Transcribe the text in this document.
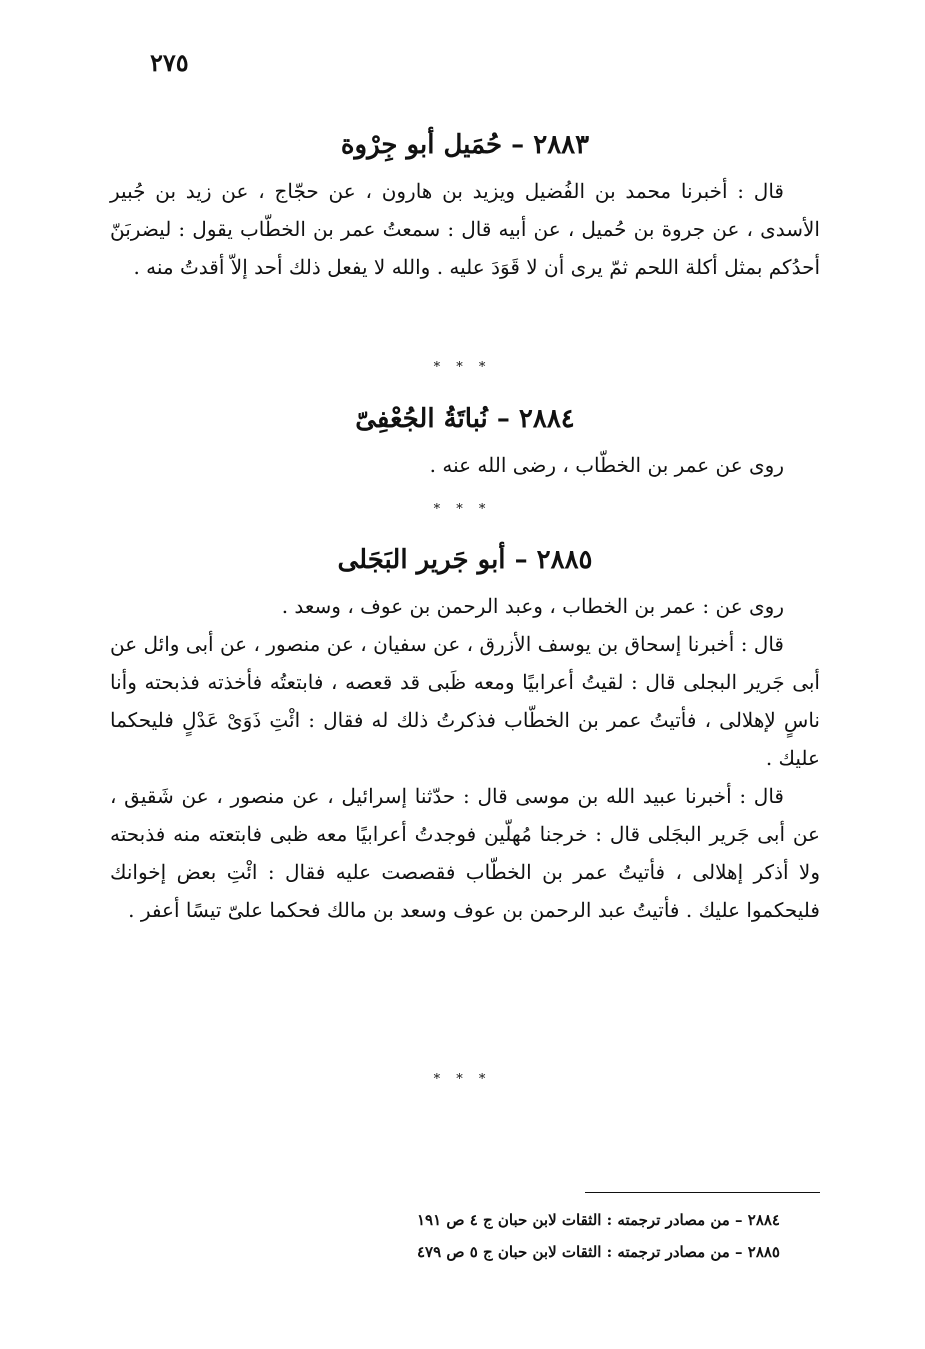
٢٧٥
٢٨٨٣ – حُمَيل أبو جِرْوة
قال : أخبرنا محمد بن الفُضيل ويزيد بن هارون ، عن حجّاج ، عن زيد بن جُبير الأسدى ، عن جروة بن حُميل ، عن أبيه قال : سمعتُ عمر بن الخطّاب يقول : ليضربَنّ أحدُكم بمثل أكلة اللحم ثمّ يرى أن لا قَوَدَ عليه . والله لا يفعل ذلك أحد إلاّ أقدتُ منه .
* * *
٢٨٨٤ – نُباتَةُ الجُعْفِىّ
روى عن عمر بن الخطّاب ، رضى الله عنه .
* * *
٢٨٨٥ – أبو جَرير البَجَلى
روى عن : عمر بن الخطاب ، وعبد الرحمن بن عوف ، وسعد .
قال : أخبرنا إسحاق بن يوسف الأزرق ، عن سفيان ، عن منصور ، عن أبى وائل عن أبى جَرير البجلى قال : لقيتُ أعرابيًا ومعه ظَبى قد قعصه ، فابتعتُه فأخذته فذبحته وأنا ناسٍ لإهلالى ، فأتيتُ عمر بن الخطّاب فذكرتُ ذلك له فقال : ائْتِ ذَوَىْ عَدْلٍ فليحكما عليك .
قال : أخبرنا عبيد الله بن موسى قال : حدّثنا إسرائيل ، عن منصور ، عن شَقيق ، عن أبى جَرير البجَلى قال : خرجنا مُهلّين فوجدتُ أعرابيًا معه ظبى فابتعته منه فذبحته ولا أذكر إهلالى ، فأتيتُ عمر بن الخطّاب فقصصت عليه فقال : ائْتِ بعض إخوانك فليحكموا عليك . فأتيتُ عبد الرحمن بن عوف وسعد بن مالك فحكما علىّ تيسًا أعفر .
* * *
٢٨٨٤ – من مصادر ترجمته : الثقات لابن حبان ج ٤ ص ١٩١
٢٨٨٥ – من مصادر ترجمته : الثقات لابن حبان ج ٥ ص ٤٧٩
